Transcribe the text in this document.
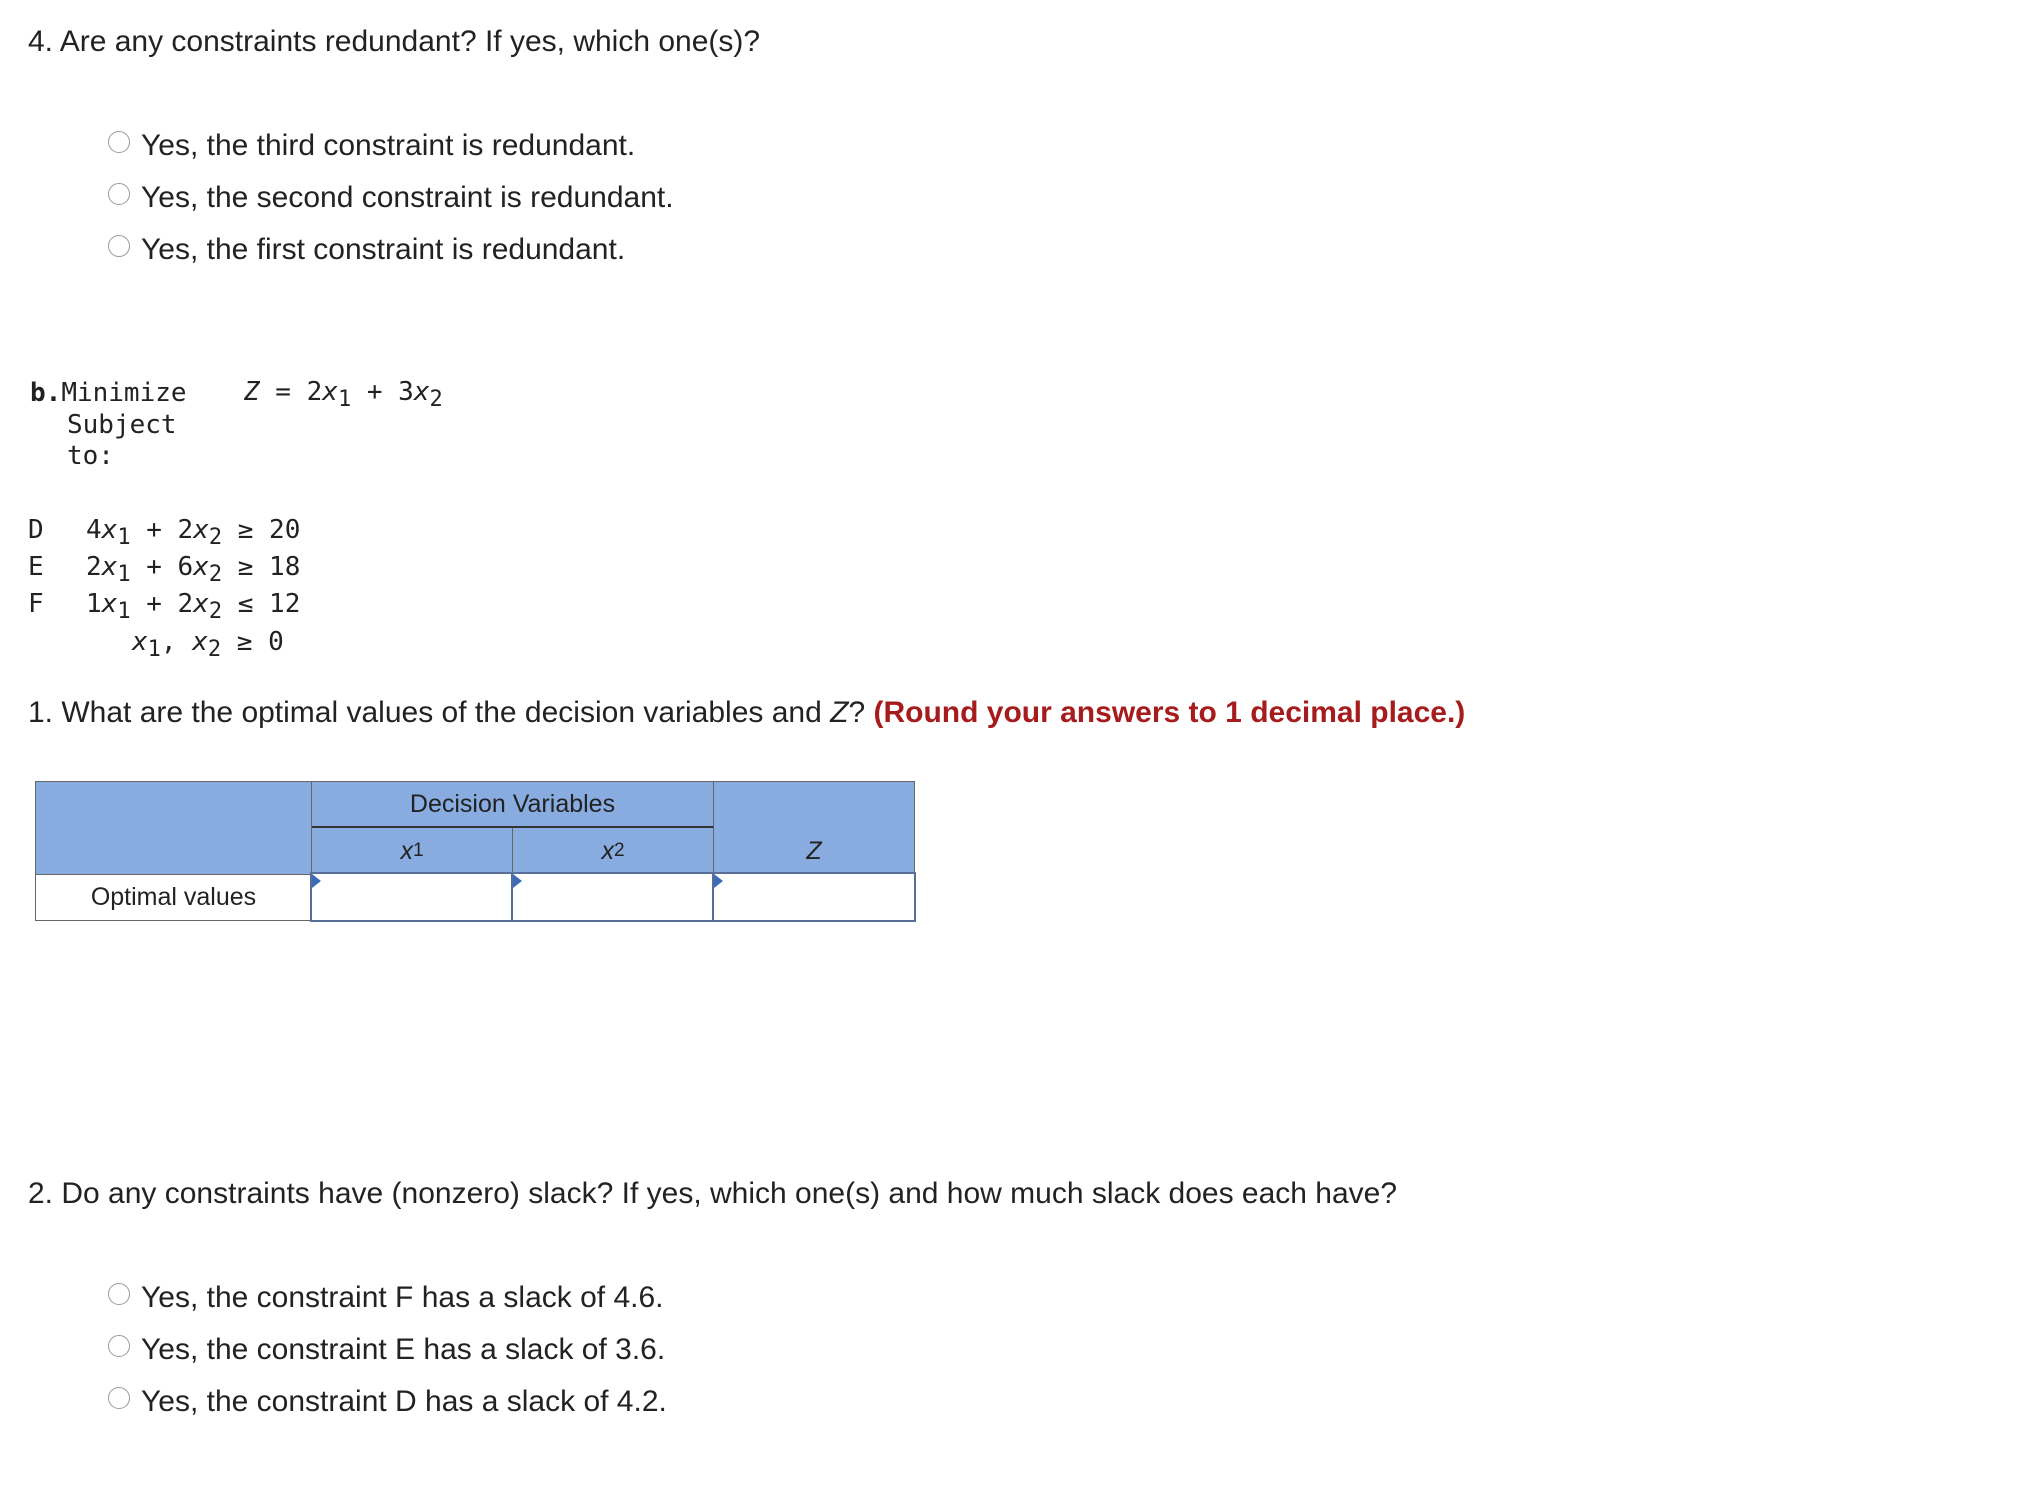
4. Are any constraints redundant? If yes, which one(s)?
Yes, the third constraint is redundant.
Yes, the second constraint is redundant.
Yes, the first constraint is redundant.
b.Minimize
Subject
to:
$Z = 2x_1 + 3x_2$
D	$4x_1 + 2x_2 \ge 20$
E	$2x_1 + 6x_2 \ge 18$
F	$1x_1 + 2x_2 \le 12$
$x_1$, $x_2 \ge 0$
1. What are the optimal values of the decision variables and Z? (Round your answers to 1 decimal place.)
Decision Variables
x 1	x 2	Z
Optimal values
2. Do any constraints have (nonzero) slack? If yes, which one(s) and how much slack does each have?
Yes, the constraint F has a slack of 4.6.
Yes, the constraint E has a slack of 3.6.
Yes, the constraint D has a slack of 4.2.
